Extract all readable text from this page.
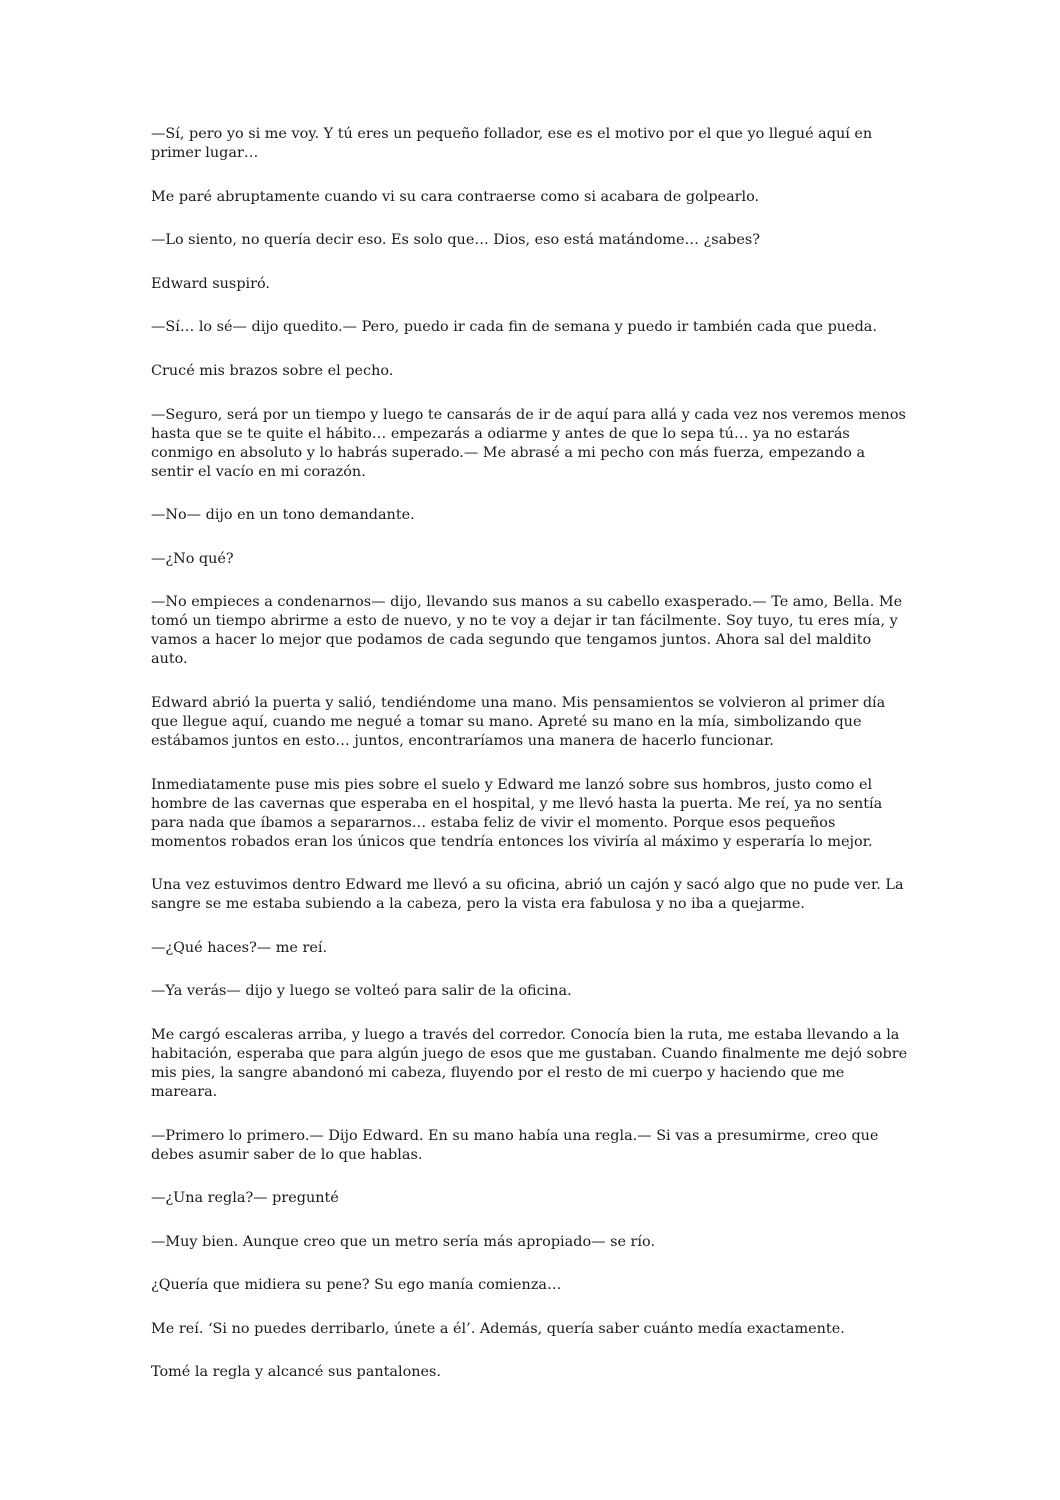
—Sí, pero yo si me voy. Y tú eres un pequeño follador, ese es el motivo por el que yo llegué aquí en primer lugar…

Me paré abruptamente cuando vi su cara contraerse como si acabara de golpearlo.

—Lo siento, no quería decir eso. Es solo que… Dios, eso está matándome… ¿sabes?

Edward suspiró.

—Sí… lo sé— dijo quedito.— Pero, puedo ir cada fin de semana y puedo ir también cada que pueda.

Crucé mis brazos sobre el pecho.

—Seguro, será por un tiempo y luego te cansarás de ir de aquí para allá y cada vez nos veremos menos hasta que se te quite el hábito… empezarás a odiarme y antes de que lo sepa tú… ya no estarás conmigo en absoluto y lo habrás superado.— Me abrasé a mi pecho con más fuerza, empezando a sentir el vacío en mi corazón.

—No— dijo en un tono demandante.

—¿No qué?

—No empieces a condenarnos— dijo, llevando sus manos a su cabello exasperado.— Te amo, Bella. Me tomó un tiempo abrirme a esto de nuevo, y no te voy a dejar ir tan fácilmente. Soy tuyo, tu eres mía, y vamos a hacer lo mejor que podamos de cada segundo que tengamos juntos. Ahora sal del maldito auto.

Edward abrió la puerta y salió, tendiéndome una mano. Mis pensamientos se volvieron al primer día que llegue aquí, cuando me negué a tomar su mano. Apreté su mano en la mía, simbolizando que estábamos juntos en esto… juntos, encontraríamos una manera de hacerlo funcionar.

Inmediatamente puse mis pies sobre el suelo y Edward me lanzó sobre sus hombros, justo como el hombre de las cavernas que esperaba en el hospital, y me llevó hasta la puerta. Me reí, ya no sentía para nada que íbamos a separarnos… estaba feliz de vivir el momento. Porque esos pequeños momentos robados eran los únicos que tendría entonces los viviría al máximo y esperaría lo mejor.

Una vez estuvimos dentro Edward me llevó a su oficina, abrió un cajón y sacó algo que no pude ver. La sangre se me estaba subiendo a la cabeza, pero la vista era fabulosa y no iba a quejarme.

—¿Qué haces?— me reí.

—Ya verás— dijo y luego se volteó para salir de la oficina.

Me cargó escaleras arriba, y luego a través del corredor. Conocía bien la ruta, me estaba llevando a la habitación, esperaba que para algún juego de esos que me gustaban. Cuando finalmente me dejó sobre mis pies, la sangre abandonó mi cabeza, fluyendo por el resto de mi cuerpo y haciendo que me mareara.

—Primero lo primero.— Dijo Edward. En su mano había una regla.— Si vas a presumirme, creo que debes asumir saber de lo que hablas.

—¿Una regla?— pregunté

—Muy bien. Aunque creo que un metro sería más apropiado— se río.

¿Quería que midiera su pene? Su ego manía comienza…

Me reí. ‘Si no puedes derribarlo, únete a él’. Además, quería saber cuánto medía exactamente.

Tomé la regla y alcancé sus pantalones.
